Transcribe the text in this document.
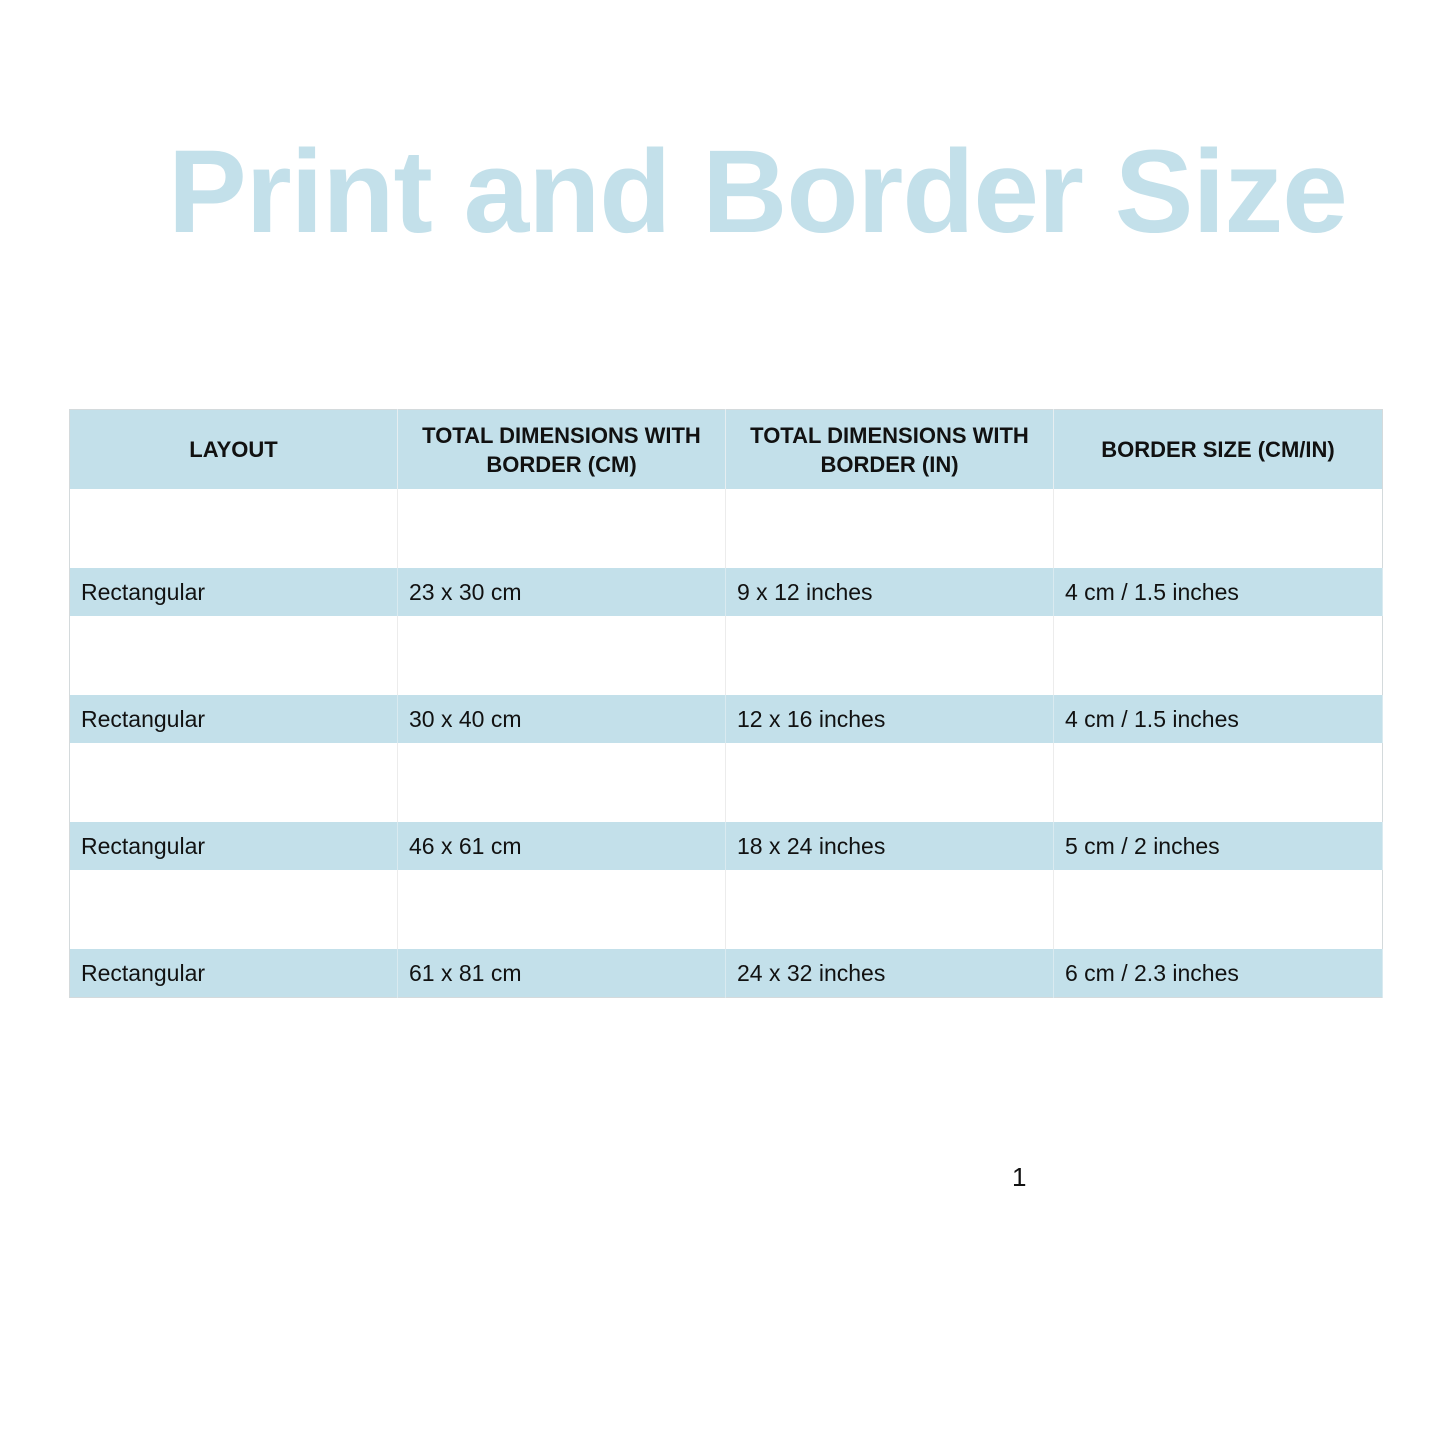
Print and Border Size
LAYOUT	TOTAL DIMENSIONS WITH BORDER (CM)	TOTAL DIMENSIONS WITH BORDER (IN)	BORDER SIZE (CM/IN)

Rectangular	23 x 30 cm	9 x 12 inches	4 cm / 1.5 inches

Rectangular	30 x 40 cm	12 x 16 inches	4 cm / 1.5 inches

Rectangular	46 x 61 cm	18 x 24 inches	5 cm / 2 inches

Rectangular	61 x 81 cm	24 x 32 inches	6 cm / 2.3 inches
1
